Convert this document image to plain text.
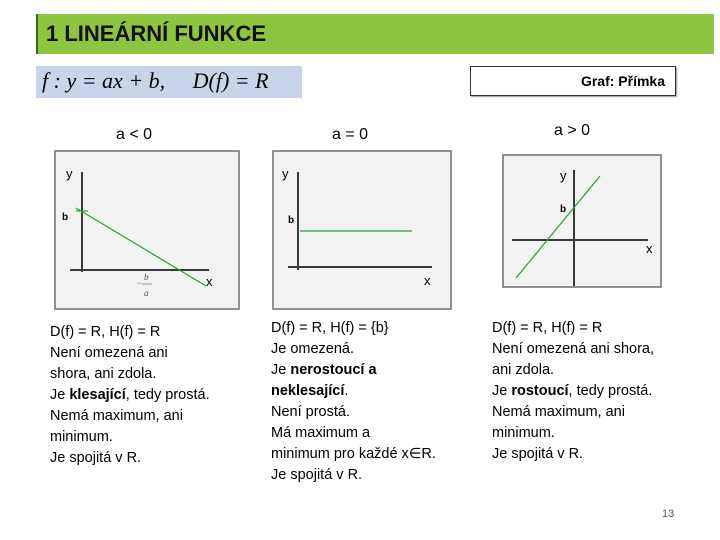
1 LINEÁRNÍ FUNKCE
f : y = ax + b,     D(f) = R	Graf: Přímka
a < 0	a = 0	a > 0
y
b
x
−
b
a
y
b
x
y
b
x
D(f) = R, H(f) = R
Není omezená ani
shora, ani zdola.
Je klesající, tedy prostá.
Nemá maximum, ani
minimum.
Je spojitá v R.
D(f) = R, H(f) = {b}
Je omezená.
Je nerostoucí a
neklesající.
Není prostá.
Má maximum a
minimum pro každé x∈R.
Je spojitá v R.
D(f) = R, H(f) = R
Není omezená ani shora,
ani zdola.
Je rostoucí, tedy prostá.
Nemá maximum, ani
minimum.
Je spojitá v R.
13
